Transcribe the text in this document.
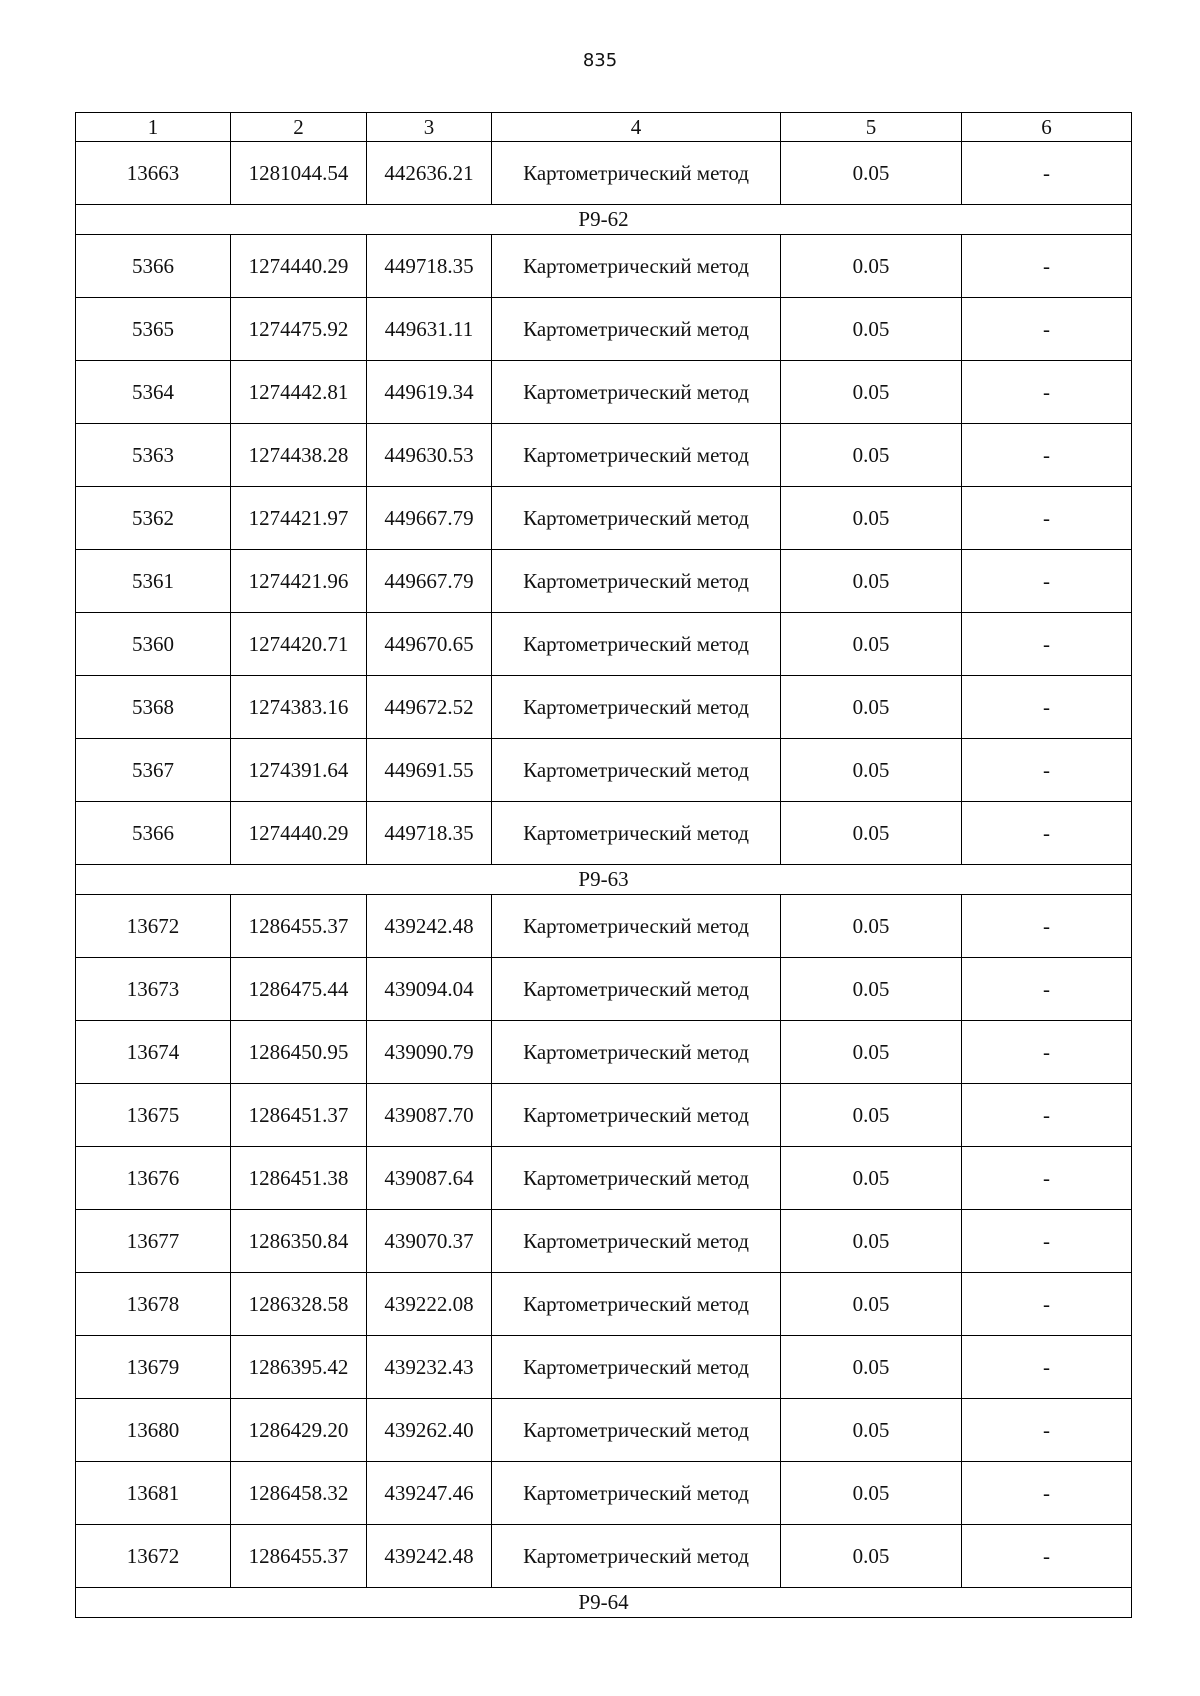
835
1	2	3	4	5	6
13663	1281044.54	442636.21	Картометрический метод	0.05	-
Р9-62					
5366	1274440.29	449718.35	Картометрический метод	0.05	-
5365	1274475.92	449631.11	Картометрический метод	0.05	-
5364	1274442.81	449619.34	Картометрический метод	0.05	-
5363	1274438.28	449630.53	Картометрический метод	0.05	-
5362	1274421.97	449667.79	Картометрический метод	0.05	-
5361	1274421.96	449667.79	Картометрический метод	0.05	-
5360	1274420.71	449670.65	Картометрический метод	0.05	-
5368	1274383.16	449672.52	Картометрический метод	0.05	-
5367	1274391.64	449691.55	Картометрический метод	0.05	-
5366	1274440.29	449718.35	Картометрический метод	0.05	-
Р9-63					
13672	1286455.37	439242.48	Картометрический метод	0.05	-
13673	1286475.44	439094.04	Картометрический метод	0.05	-
13674	1286450.95	439090.79	Картометрический метод	0.05	-
13675	1286451.37	439087.70	Картометрический метод	0.05	-
13676	1286451.38	439087.64	Картометрический метод	0.05	-
13677	1286350.84	439070.37	Картометрический метод	0.05	-
13678	1286328.58	439222.08	Картометрический метод	0.05	-
13679	1286395.42	439232.43	Картометрический метод	0.05	-
13680	1286429.20	439262.40	Картометрический метод	0.05	-
13681	1286458.32	439247.46	Картометрический метод	0.05	-
13672	1286455.37	439242.48	Картометрический метод	0.05	-
Р9-64					
